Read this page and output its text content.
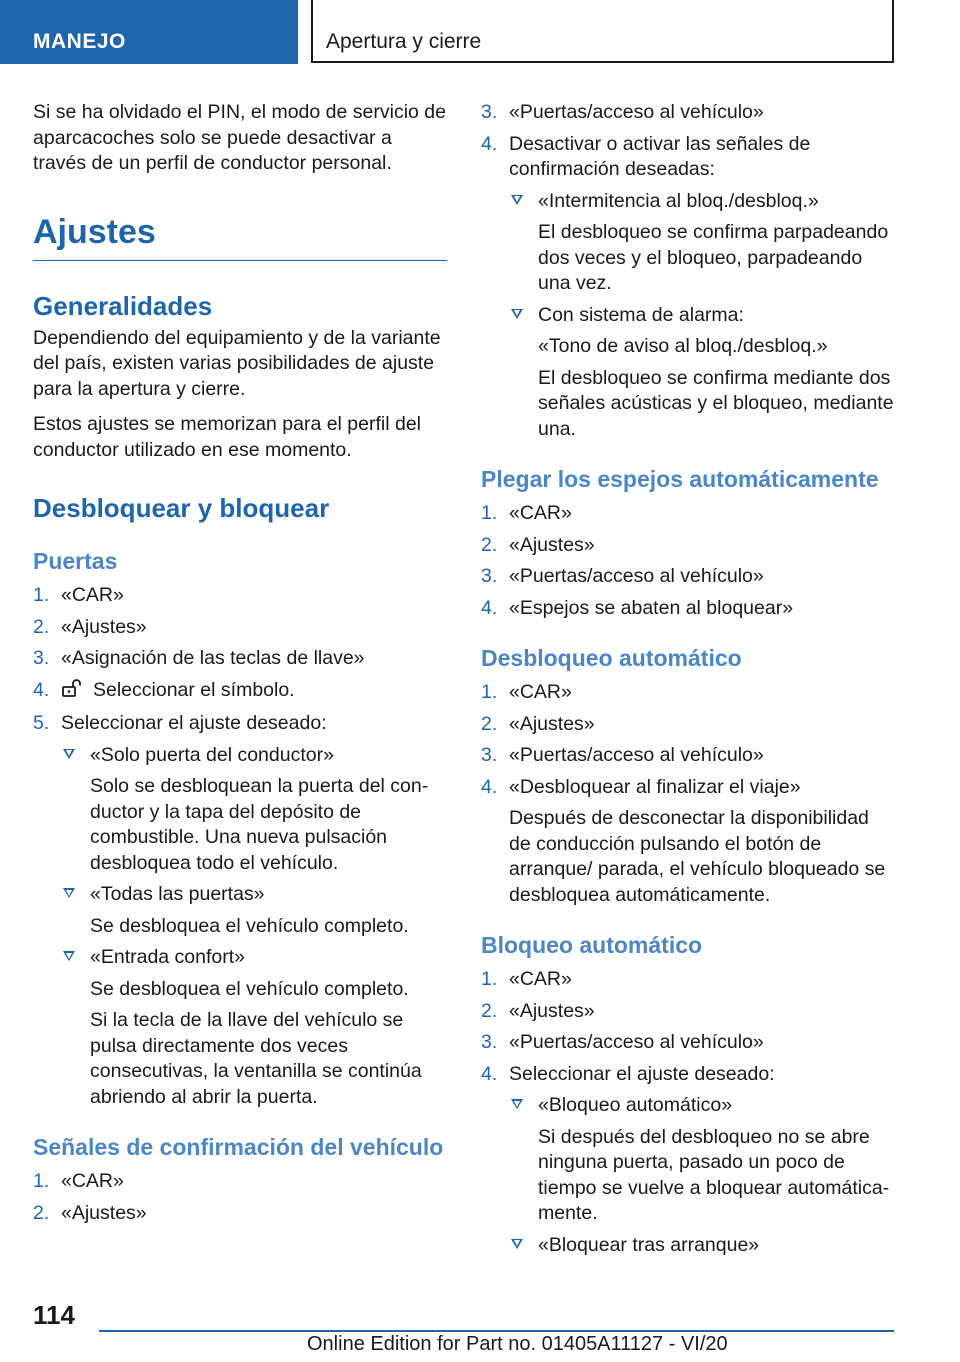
MANEJO	Apertura y cierre

Si se ha olvidado el PIN, el modo de servicio de aparcacoches solo se puede desactivar a través de un perfil de conductor personal.

Ajustes
Generalidades

Dependiendo del equipamiento y de la variante del país, existen varias posibilidades de ajuste para la apertura y cierre.

Estos ajustes se memorizan para el perfil del conductor utilizado en ese momento.

Desbloquear y bloquear
Puertas
1. «CAR»
2. «Ajustes»
3. «Asignación de las teclas de llave»
4. Seleccionar el símbolo.
5. Seleccionar el ajuste deseado:
«Solo puerta del conductor»
Solo se desbloquean la puerta del conductor y la tapa del depósito de combustible. Una nueva pulsación desbloquea todo el vehículo.
«Todas las puertas»
Se desbloquea el vehículo completo.
«Entrada confort»
Se desbloquea el vehículo completo.
Si la tecla de la llave del vehículo se pulsa directamente dos veces consecutivas, la ventanilla se continúa abriendo al abrir la puerta.
Señales de confirmación del vehículo
1. «CAR»
2. «Ajustes»
3. «Puertas/acceso al vehículo»
4. Desactivar o activar las señales de confirmación deseadas:
«Intermitencia al bloq./desbloq.»
El desbloqueo se confirma parpadeando dos veces y el bloqueo, parpadeando una vez.
Con sistema de alarma:
«Tono de aviso al bloq./desbloq.»
El desbloqueo se confirma mediante dos señales acústicas y el bloqueo, mediante una.
Plegar los espejos automáticamente
1. «CAR»
2. «Ajustes»
3. «Puertas/acceso al vehículo»
4. «Espejos se abaten al bloquear»
Desbloqueo automático
1. «CAR»
2. «Ajustes»
3. «Puertas/acceso al vehículo»
4. «Desbloquear al finalizar el viaje»
Después de desconectar la disponibilidad de conducción pulsando el botón de arranque/ parada, el vehículo bloqueado se desbloquea automáticamente.
Bloqueo automático
1. «CAR»
2. «Ajustes»
3. «Puertas/acceso al vehículo»
4. Seleccionar el ajuste deseado:
«Bloqueo automático»
Si después del desbloqueo no se abre ninguna puerta, pasado un poco de tiempo se vuelve a bloquear automáticamente.
«Bloquear tras arranque»
114
Online Edition for Part no. 01405A11127 - VI/20
